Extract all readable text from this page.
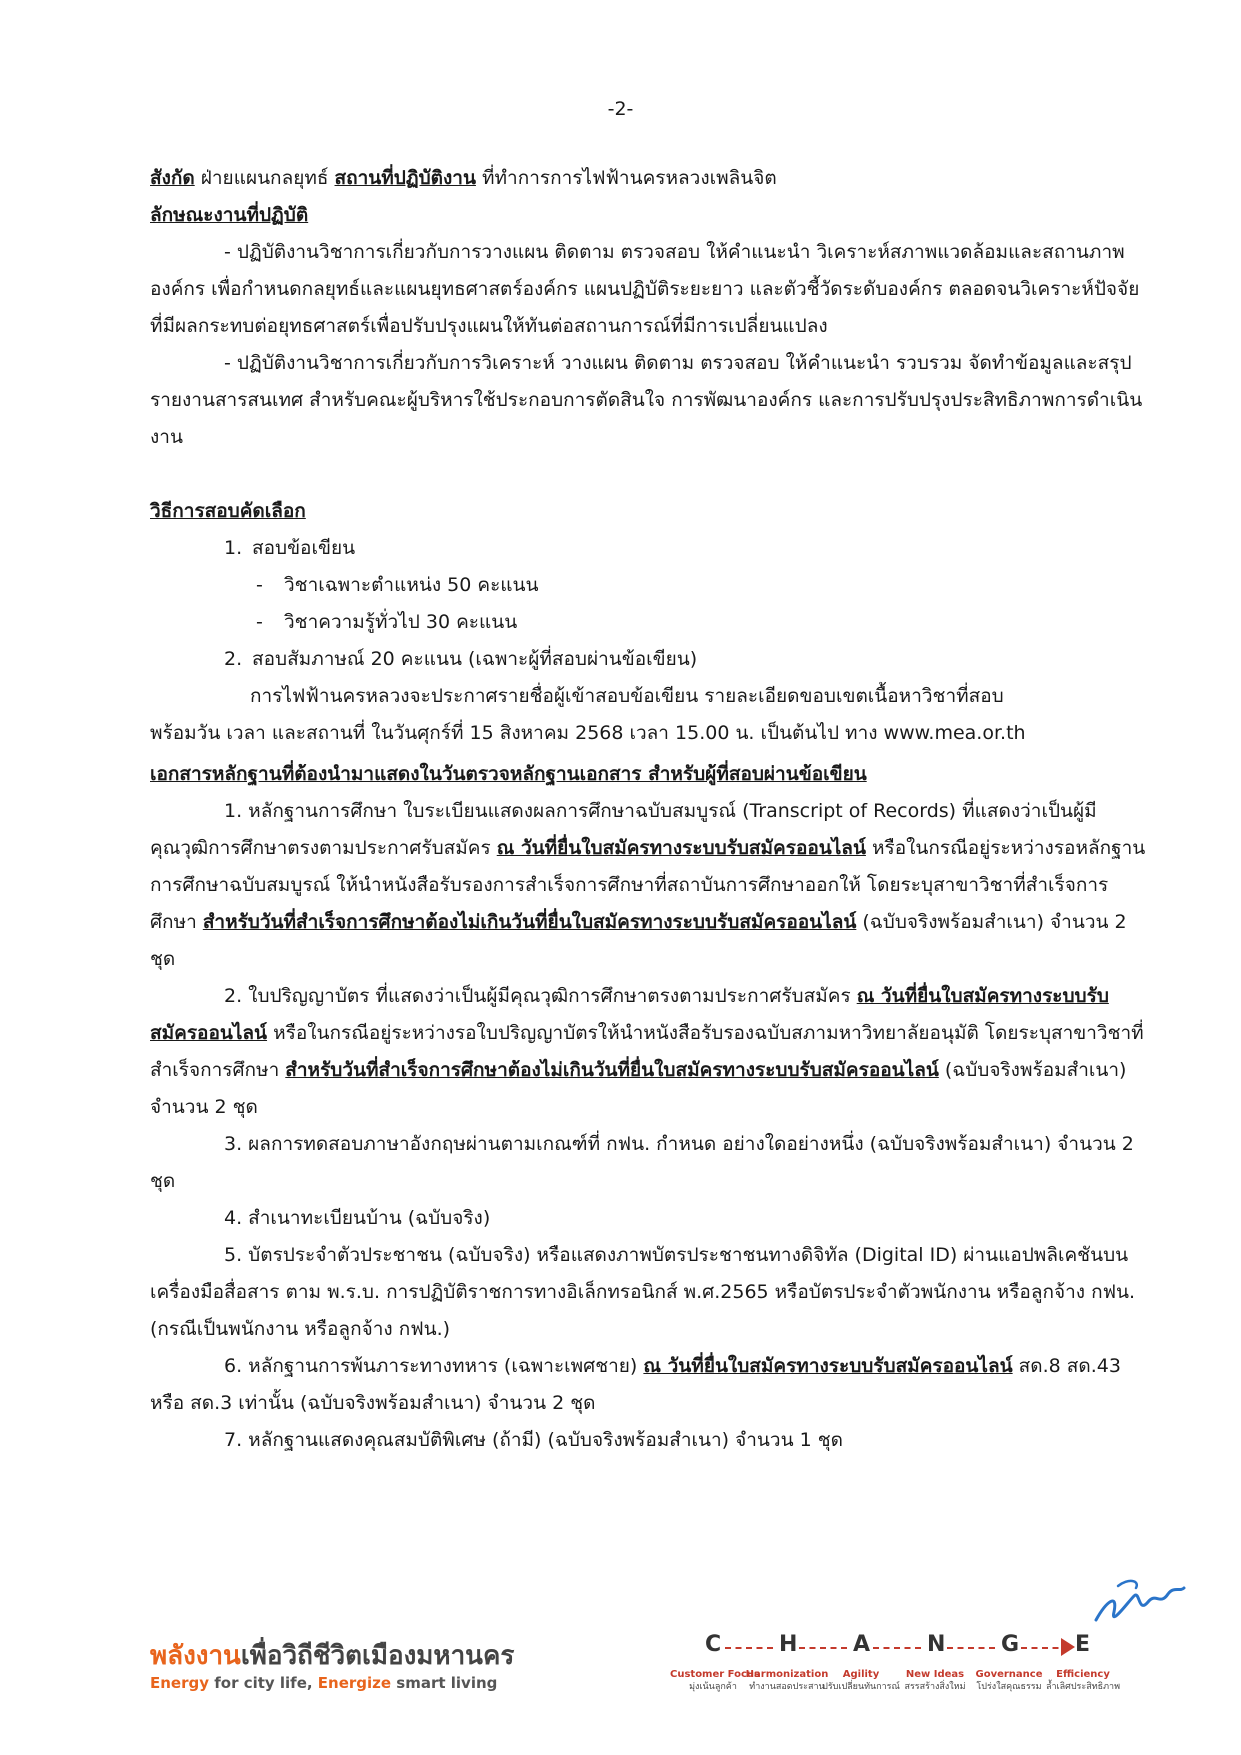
-2-

สังกัด ฝ่ายแผนกลยุทธ์ สถานที่ปฏิบัติงาน ที่ทำการการไฟฟ้านครหลวงเพลินจิต

ลักษณะงานที่ปฏิบัติ

- ปฏิบัติงานวิชาการเกี่ยวกับการวางแผน ติดตาม ตรวจสอบ ให้คำแนะนำ วิเคราะห์สภาพแวดล้อมและสถานภาพองค์กร เพื่อกำหนดกลยุทธ์และแผนยุทธศาสตร์องค์กร แผนปฏิบัติระยะยาว และตัวชี้วัดระดับองค์กร ตลอดจนวิเคราะห์ปัจจัยที่มีผลกระทบต่อยุทธศาสตร์เพื่อปรับปรุงแผนให้ทันต่อสถานการณ์ที่มีการเปลี่ยนแปลง

- ปฏิบัติงานวิชาการเกี่ยวกับการวิเคราะห์ วางแผน ติดตาม ตรวจสอบ ให้คำแนะนำ รวบรวม จัดทำข้อมูลและสรุปรายงานสารสนเทศ สำหรับคณะผู้บริหารใช้ประกอบการตัดสินใจ การพัฒนาองค์กร และการปรับปรุงประสิทธิภาพการดำเนินงาน

วิธีการสอบคัดเลือก

1. สอบข้อเขียน

- วิชาเฉพาะตำแหน่ง 50 คะแนน

- วิชาความรู้ทั่วไป 30 คะแนน

2. สอบสัมภาษณ์ 20 คะแนน (เฉพาะผู้ที่สอบผ่านข้อเขียน)

การไฟฟ้านครหลวงจะประกาศรายชื่อผู้เข้าสอบข้อเขียน รายละเอียดขอบเขตเนื้อหาวิชาที่สอบ

พร้อมวัน เวลา และสถานที่ ในวันศุกร์ที่ 15 สิงหาคม 2568 เวลา 15.00 น. เป็นต้นไป ทาง www.mea.or.th

เอกสารหลักฐานที่ต้องนำมาแสดงในวันตรวจหลักฐานเอกสาร สำหรับผู้ที่สอบผ่านข้อเขียน

1. หลักฐานการศึกษา ใบระเบียนแสดงผลการศึกษาฉบับสมบูรณ์ (Transcript of Records) ที่แสดงว่าเป็นผู้มีคุณวุฒิการศึกษาตรงตามประกาศรับสมัคร ณ วันที่ยื่นใบสมัครทางระบบรับสมัครออนไลน์ หรือในกรณีอยู่ระหว่างรอหลักฐานการศึกษาฉบับสมบูรณ์ ให้นำหนังสือรับรองการสำเร็จการศึกษาที่สถาบันการศึกษาออกให้ โดยระบุสาขาวิชาที่สำเร็จการศึกษา สำหรับวันที่สำเร็จการศึกษาต้องไม่เกินวันที่ยื่นใบสมัครทางระบบรับสมัครออนไลน์ (ฉบับจริงพร้อมสำเนา) จำนวน 2 ชุด

2. ใบปริญญาบัตร ที่แสดงว่าเป็นผู้มีคุณวุฒิการศึกษาตรงตามประกาศรับสมัคร ณ วันที่ยื่นใบสมัครทางระบบรับสมัครออนไลน์ หรือในกรณีอยู่ระหว่างรอใบปริญญาบัตรให้นำหนังสือรับรองฉบับสภามหาวิทยาลัยอนุมัติ โดยระบุสาขาวิชาที่สำเร็จการศึกษา สำหรับวันที่สำเร็จการศึกษาต้องไม่เกินวันที่ยื่นใบสมัครทางระบบรับสมัครออนไลน์ (ฉบับจริงพร้อมสำเนา) จำนวน 2 ชุด

3. ผลการทดสอบภาษาอังกฤษผ่านตามเกณฑ์ที่ กฟน. กำหนด อย่างใดอย่างหนึ่ง (ฉบับจริงพร้อมสำเนา) จำนวน 2 ชุด

4. สำเนาทะเบียนบ้าน (ฉบับจริง)

5. บัตรประจำตัวประชาชน (ฉบับจริง) หรือแสดงภาพบัตรประชาชนทางดิจิทัล (Digital ID) ผ่านแอปพลิเคชันบนเครื่องมือสื่อสาร ตาม พ.ร.บ. การปฏิบัติราชการทางอิเล็กทรอนิกส์ พ.ศ.2565 หรือบัตรประจำตัวพนักงาน หรือลูกจ้าง กฟน. (กรณีเป็นพนักงาน หรือลูกจ้าง กฟน.)

6. หลักฐานการพ้นภาระทางทหาร (เฉพาะเพศชาย) ณ วันที่ยื่นใบสมัครทางระบบรับสมัครออนไลน์ สด.8 สด.43 หรือ สด.3 เท่านั้น (ฉบับจริงพร้อมสำเนา) จำนวน 2 ชุด

7. หลักฐานแสดงคุณสมบัติพิเศษ (ถ้ามี) (ฉบับจริงพร้อมสำเนา) จำนวน 1 ชุด

พลังงานเพื่อวิถีชีวิตเมืองมหานคร
Energy for city life, Energize smart living
C	H	A	N	G	E
Customer Focus
มุ่งเน้นลูกค้า
Harmonization
ทำงานสอดประสาน
Agility
ปรับเปลี่ยนทันการณ์
New Ideas
สรรสร้างสิ่งใหม่
Governance
โปร่งใสคุณธรรม
Efficiency
ล้ำเลิศประสิทธิภาพ
